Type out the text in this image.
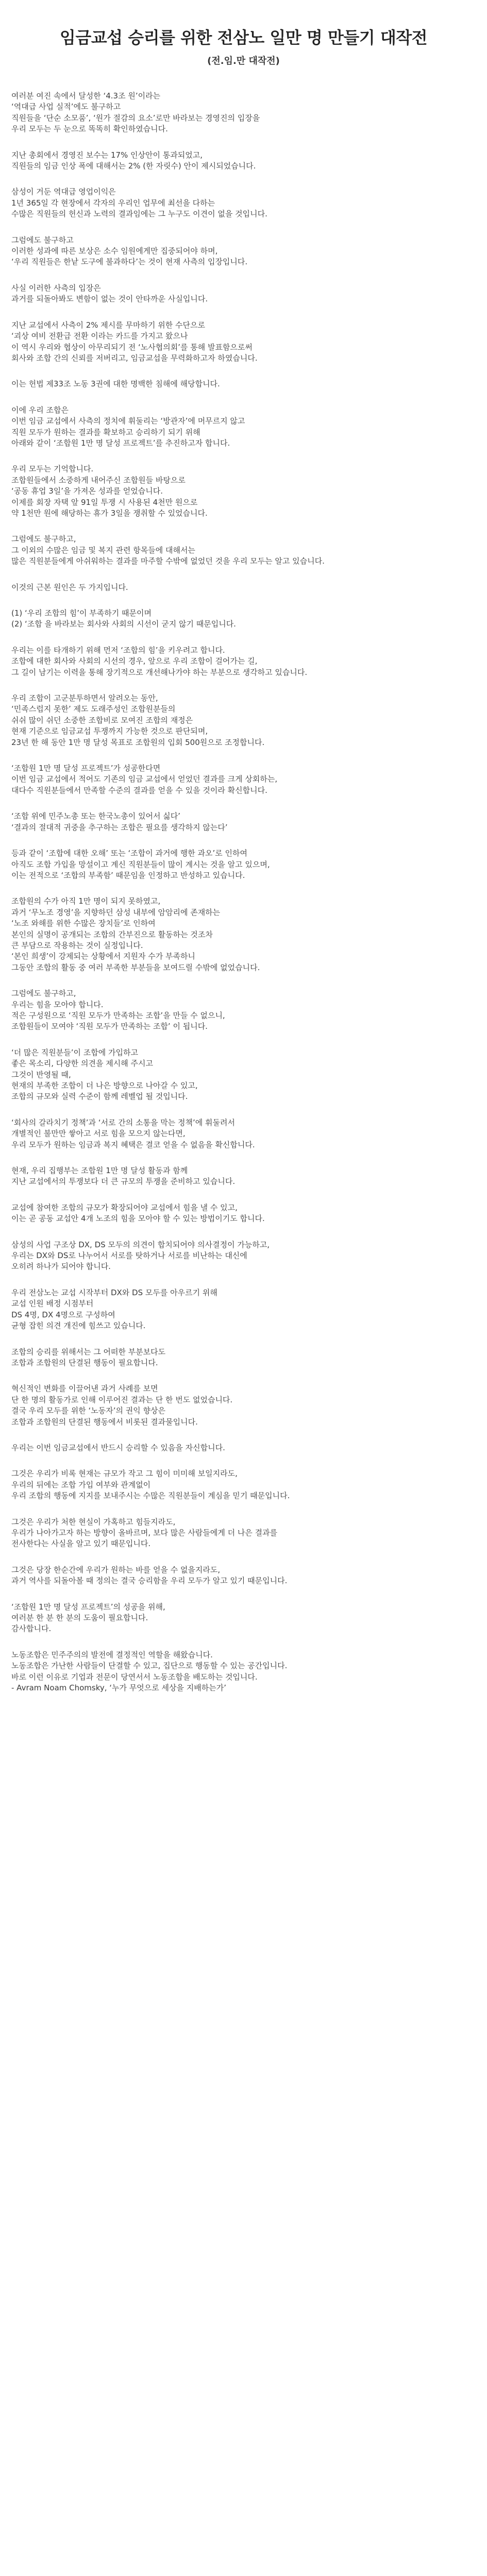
임금교섭 승리를 위한 전삼노 일만 명 만들기 대작전
(전.임.만 대작전)
여러분 여진 속에서 달성한 ‘4.3조 원’이라는
‘역대급 사업 실적’에도 불구하고
직원들을 ‘단순 소모품’, ‘원가 절감의 요소’로만 바라보는 경영진의 입장을
우리 모두는 두 눈으로 똑똑히 확인하였습니다.
지난 총회에서 경영진 보수는 17% 인상안이 통과되었고,
직원들의 임금 인상 폭에 대해서는 2% (한 자릿수) 안이 제시되었습니다.
삼성이 거둔 역대급 영업이익은
1년 365일 각 현장에서 각자의 우리인 업무에 최선을 다하는
수많은 직원들의 헌신과 노력의 결과임에는 그 누구도 이견이 없을 것입니다.
그럼에도 불구하고
이러한 성과에 따른 보상은 소수 임원에게만 집중되어야 하며,
‘우리 직원들은 한낱 도구에 불과하다’는 것이 현재 사측의 입장입니다.
사실 이러한 사측의 입장은
과거를 되돌아봐도 변함이 없는 것이 안타까운 사실입니다.
지난 교섭에서 사측이 2% 제시를 무마하기 위한 수단으로
‘괴상 여비 전환급 전환 이라는 카드를 가지고 왔으나
이 역시 우리와 협상이 아무리되기 전 ‘노사협의회’를 통해 발표함으로써
회사와 조합 간의 신뢰를 저버리고, 임금교섭을 무력화하고자 하였습니다.
이는 헌법 제33조 노동 3권에 대한 명백한 침해에 해당합니다.
이에 우리 조합은
이번 임금 교섭에서 사측의 정치에 휘둘리는 ‘방관자’에 머무르지 않고
직원 모두가 원하는 결과를 확보하고 승리하기 되기 위해
아래와 같이 ‘조합원 1만 명 달성 프로젝트’를 추진하고자 합니다.
우리 모두는 기억합니다.
조합원들에서 소중하게 내어주신 조합원들 바탕으로
‘공동 휴업 3일’을 가져온 성과를 얻었습니다.
이제를 회장 자택 앞 91일 투쟁 시 사용된 4천만 원으로
약 1천만 원에 해당하는 휴가 3일을 쟁취할 수 있었습니다.
그럼에도 불구하고,
그 이외의 수많은 임금 및 복지 관련 항목들에 대해서는
많은 직원분들에게 아쉬워하는 결과를 마주할 수밖에 없었던 것을 우리 모두는 알고 있습니다.
이것의 근본 원인은 두 가지입니다.
(1) ‘우리 조합의 힘’이 부족하기 때문이며
(2) ‘조합 을 바라보는 회사와 사회의 시선이 굳지 않기 때문입니다.
우리는 이를 타개하기 위해 먼저 ‘조합의 힘’을 키우려고 합니다.
조합에 대한 회사와 사회의 시선의 경우, 앞으로 우리 조합이 걸어가는 길,
그 길이 남기는 이력을 통해 장기적으로 개선해나가야 하는 부분으로 생각하고 있습니다.
우리 조합이 고군분투하면서 알려오는 동안,
‘민족스럽지 못한’ 제도 도래주성인 조합원분들의
쉬쉬 많이 쉬던 소중한 조합비로 모여진 조합의 재정은
현재 기준으로 임금교섭 투쟁까지 가능한 것으로 판단되며,
23년 한 해 동안 1만 명 달성 목표로 조합원의 입회 500원으로 조정합니다.
‘조합원 1만 명 달성 프로젝트’가 성공한다면
이번 임금 교섭에서 적어도 기존의 임금 교섭에서 얻었던 결과를 크게 상회하는,
대다수 직원분들에서 만족할 수준의 결과를 얻을 수 있을 것이라 확신합니다.
‘조합 위에 민주노총 또는 한국노총이 있어서 싫다’
‘결과의 절대적 귀중을 추구하는 조합은 필요를 생각하지 않는다’
등과 같이 ‘조합에 대한 오해’ 또는 ‘조합이 과거에 행한 과오’로 인하여
아직도 조합 가입을 망설이고 계신 직원분들이 많이 계시는 것을 알고 있으며,
이는 전적으로 ‘조합의 부족함’ 때문임을 인정하고 반성하고 있습니다.
조합원의 수가 아직 1만 명이 되지 못하였고,
과거 ‘무노조 경영’을 지향하던 삼성 내부에 암암리에 존재하는
‘노조 와해를 위한 수많은 장치들’로 인하여
본인의 실명이 공개되는 조합의 간부진으로 활동하는 것조차
큰 부담으로 작용하는 것이 실정입니다.
‘본인 희생’이 강제되는 상황에서 지원자 수가 부족하니
그동안 조합의 활동 중 여러 부족한 부분들을 보여드릴 수밖에 없었습니다.
그럼에도 불구하고,
우리는 힘을 모아야 합니다.
적은 구성원으로 ‘직원 모두가 만족하는 조합’을 만들 수 없으니,
조합원들이 모여야 ‘직원 모두가 만족하는 조합’ 이 됩니다.
‘더 많은 직원분들’이 조합에 가입하고
좋은 목소리, 다양한 의견을 제시해 주시고
그것이 반영될 때,
현재의 부족한 조합이 더 나은 방향으로 나아갈 수 있고,
조합의 규모와 실력 수준이 함께 레벨업 될 것입니다.
‘회사의 갈라치기 정책’과 ‘서로 간의 소통을 막는 정책’에 휘둘려서
개별적인 불만만 쌓아고 서로 힘을 모으지 않는다면,
우리 모두가 원하는 임금과 복지 혜택은 결코 얻을 수 없음을 확신합니다.
현재, 우리 집행부는 조합원 1만 명 달성 활동과 함께
지난 교섭에서의 투쟁보다 더 큰 규모의 투쟁을 준비하고 있습니다.
교섭에 참여한 조합의 규모가 확장되어야 교섭에서 힘을 낼 수 있고,
이는 곧 공동 교섭안 4개 노조의 힘을 모아야 할 수 있는 방법이기도 합니다.
삼성의 사업 구조상 DX, DS 모두의 의견이 합치되어야 의사결정이 가능하고,
우리는 DX와 DS로 나누어서 서로를 탓하거나 서로를 비난하는 대신에
오히려 하나가 되어야 합니다.
우리 전삼노는 교섭 시작부터 DX와 DS 모두를 아우르기 위해
교섭 인원 배정 시점부터
DS 4명, DX 4명으로 구성하여
균형 잡힌 의견 개진에 힘쓰고 있습니다.
조합의 승리를 위해서는 그 어떠한 부분보다도
조합과 조합원의 단결된 행동이 필요합니다.
혁신적인 변화를 이끌어낸 과거 사례를 보면
단 한 명의 활동가로 인해 이루어진 결과는 단 한 번도 없었습니다.
결국 우리 모두를 위한 ‘노동자’의 권익 향상은
조합과 조합원의 단결된 행동에서 비롯된 결과물입니다.
우리는 이번 임금교섭에서 반드시 승리할 수 있음을 자신합니다.
그것은 우리가 비록 현재는 규모가 작고 그 힘이 미미해 보일지라도,
우리의 뒤에는 조합 가입 여부와 관계없이
우리 조합의 행동에 지지를 보내주시는 수많은 직원분들이 계심을 믿기 때문입니다.
그것은 우리가 처한 현실이 가혹하고 힘들지라도,
우리가 나아가고자 하는 방향이 올바르며, 보다 많은 사람들에게 더 나은 결과를
전사한다는 사실을 알고 있기 때문입니다.
그것은 당장 한순간에 우리가 원하는 바를 얻을 수 없을지라도,
과거 역사를 되돌아볼 때 정의는 결국 승리함을 우리 모두가 알고 있기 때문입니다.
‘조합원 1만 명 달성 프로젝트’의 성공을 위해,
여러분 한 분 한 분의 도움이 필요합니다.
감사합니다.
노동조합은 민주주의의 발전에 결정적인 역할을 해왔습니다.
노동조합은 가난한 사람들이 단결할 수 있고, 집단으로 행동할 수 있는 공간입니다.
바로 이런 이유로 기업과 전문이 당연서서 노동조합을 배도하는 것입니다.
- Avram Noam Chomsky, ‘누가 무엇으로 세상을 지배하는가’
